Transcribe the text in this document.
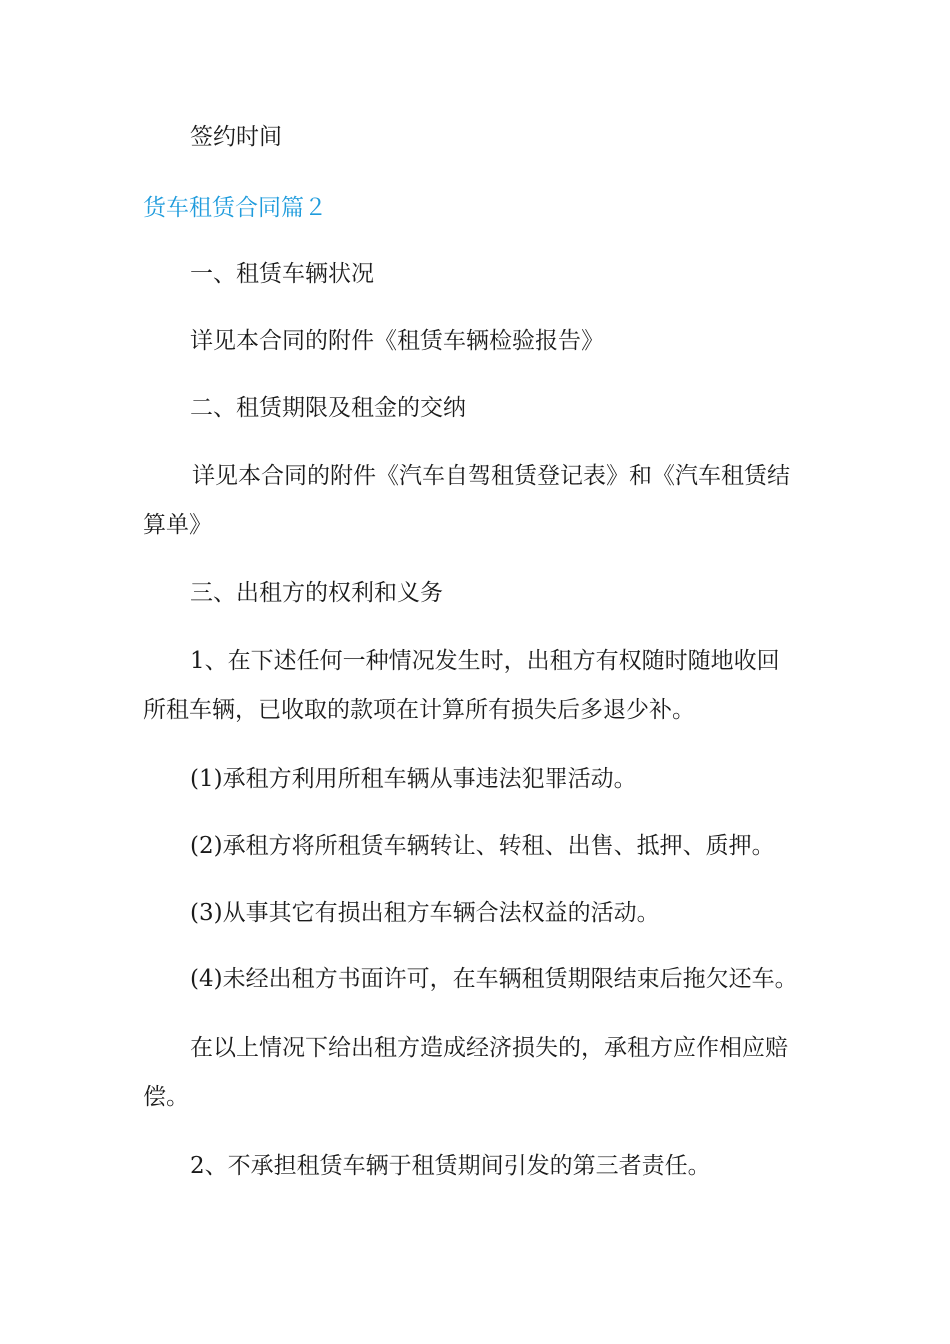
签约时间

货车租赁合同篇２

一、租赁车辆状况

详见本合同的附件《租赁车辆检验报告》

二、租赁期限及租金的交纳

详见本合同的附件《汽车自驾租赁登记表》和《汽车租赁结

算单》

三、出租方的权利和义务

1、在下述任何一种情况发生时，出租方有权随时随地收回

所租车辆，已收取的款项在计算所有损失后多退少补。

(1)承租方利用所租车辆从事违法犯罪活动。

(2)承租方将所租赁车辆转让、转租、出售、抵押、质押。

(3)从事其它有损出租方车辆合法权益的活动。

(4)未经出租方书面许可，在车辆租赁期限结束后拖欠还车。

在以上情况下给出租方造成经济损失的，承租方应作相应赔

偿。

2、不承担租赁车辆于租赁期间引发的第三者责任。
